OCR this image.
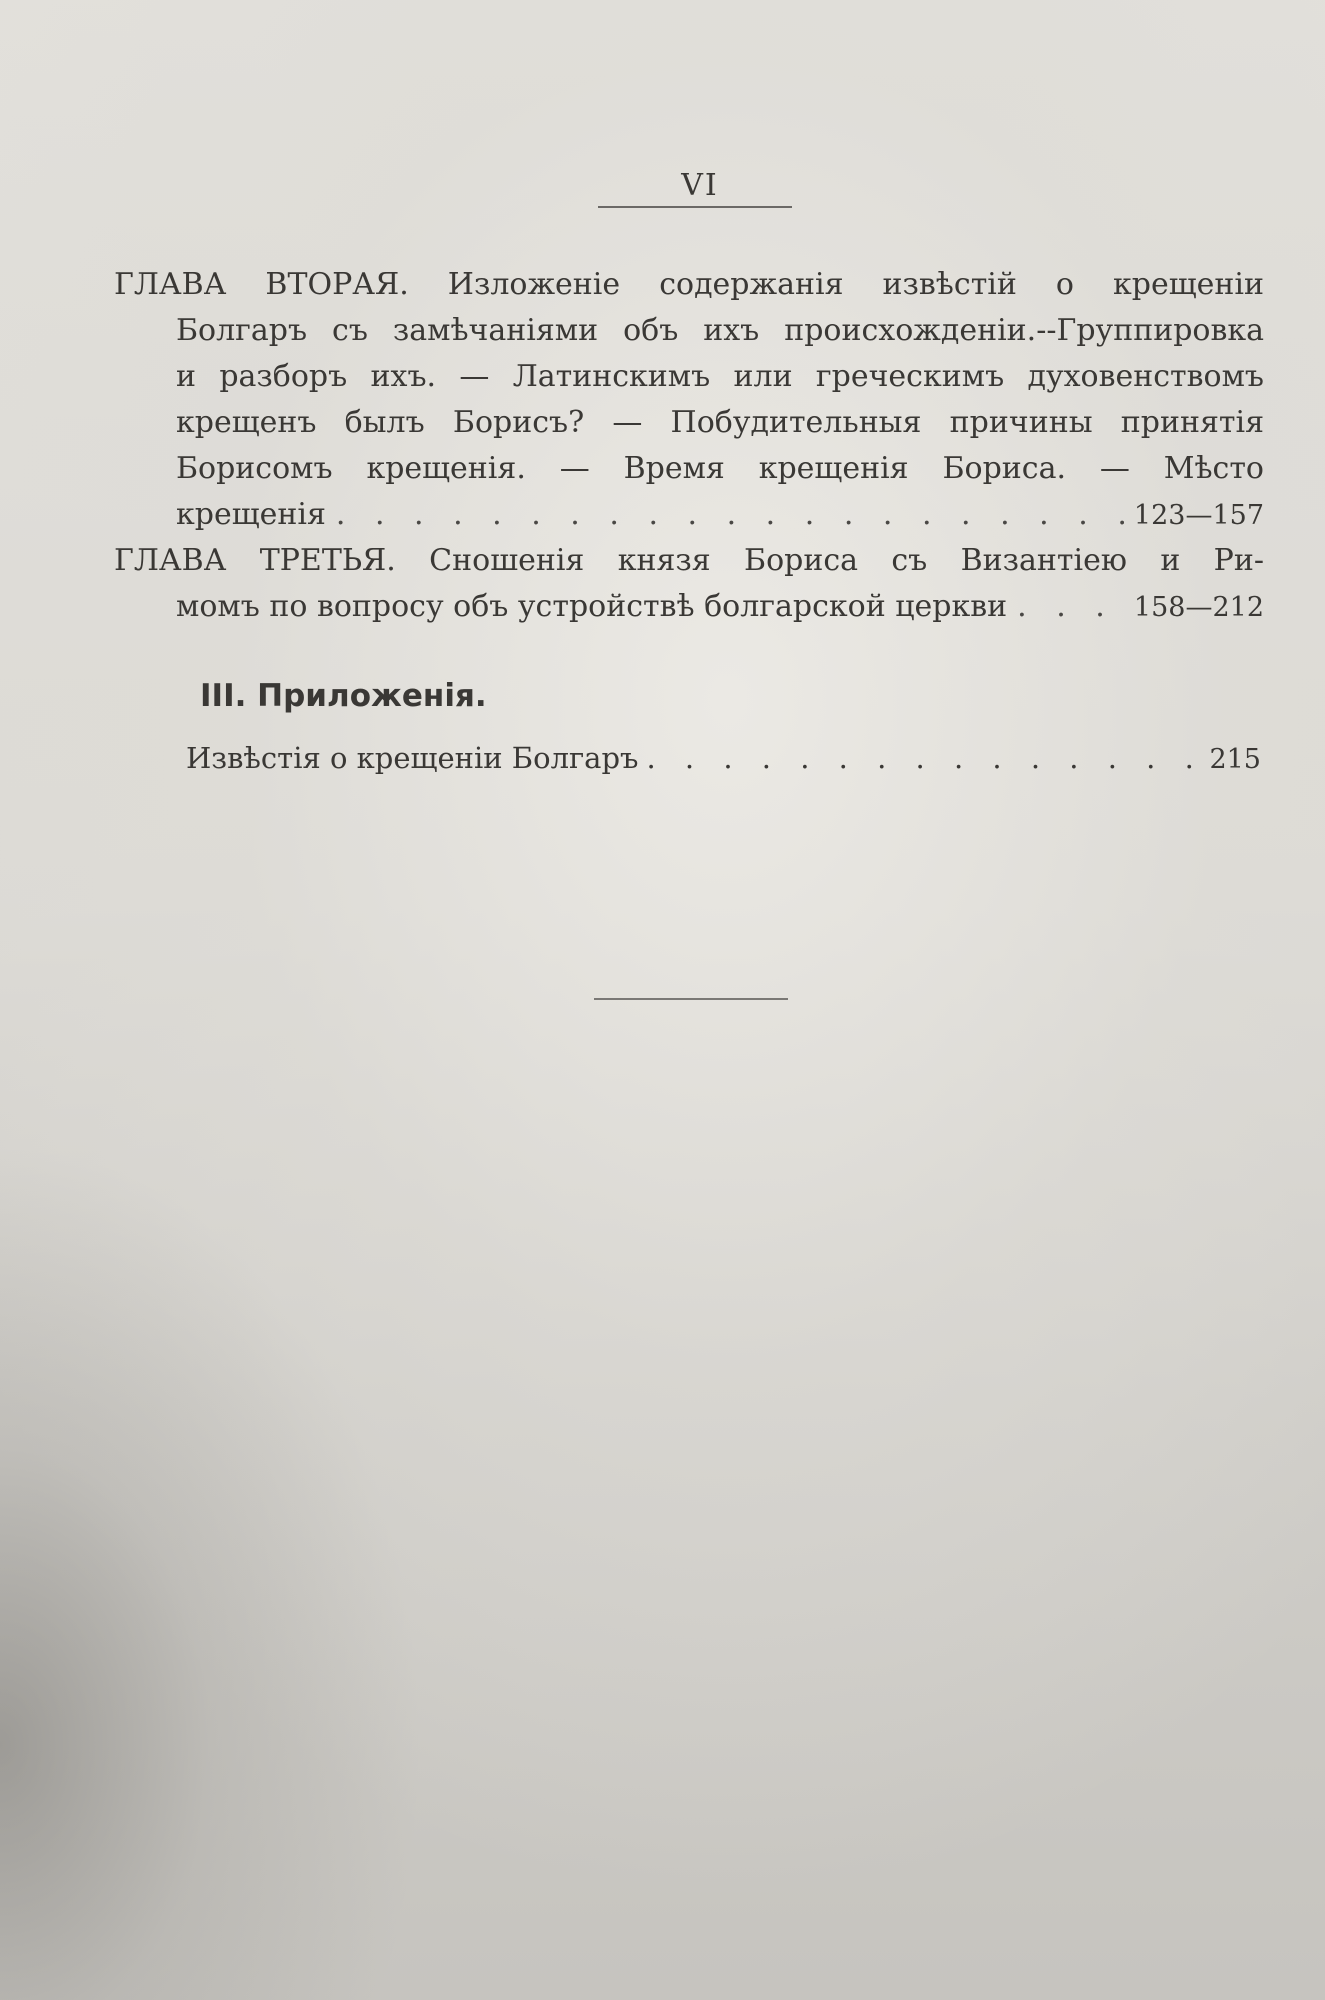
VI
ГЛАВА ВТОРАЯ. Изложеніе содержанія извѣстій о крещеніи
Болгаръ съ замѣчаніями объ ихъ происхожденіи.--Группировка
и разборъ ихъ. — Латинскимъ или греческимъ духовенствомъ
крещенъ былъ Борисъ? — Побудительныя причины принятія
Борисомъ крещенія. — Время крещенія Бориса. — Мѣсто
крещенія . . .	123—157
ГЛАВА ТРЕТЬЯ. Сношенія князя Бориса съ Византіею и Ри-
момъ по вопросу объ устройствѣ болгарской церкви . . .	158—212
III. Приложенія.
Извѣстія о крещеніи Болгаръ . . .	215
